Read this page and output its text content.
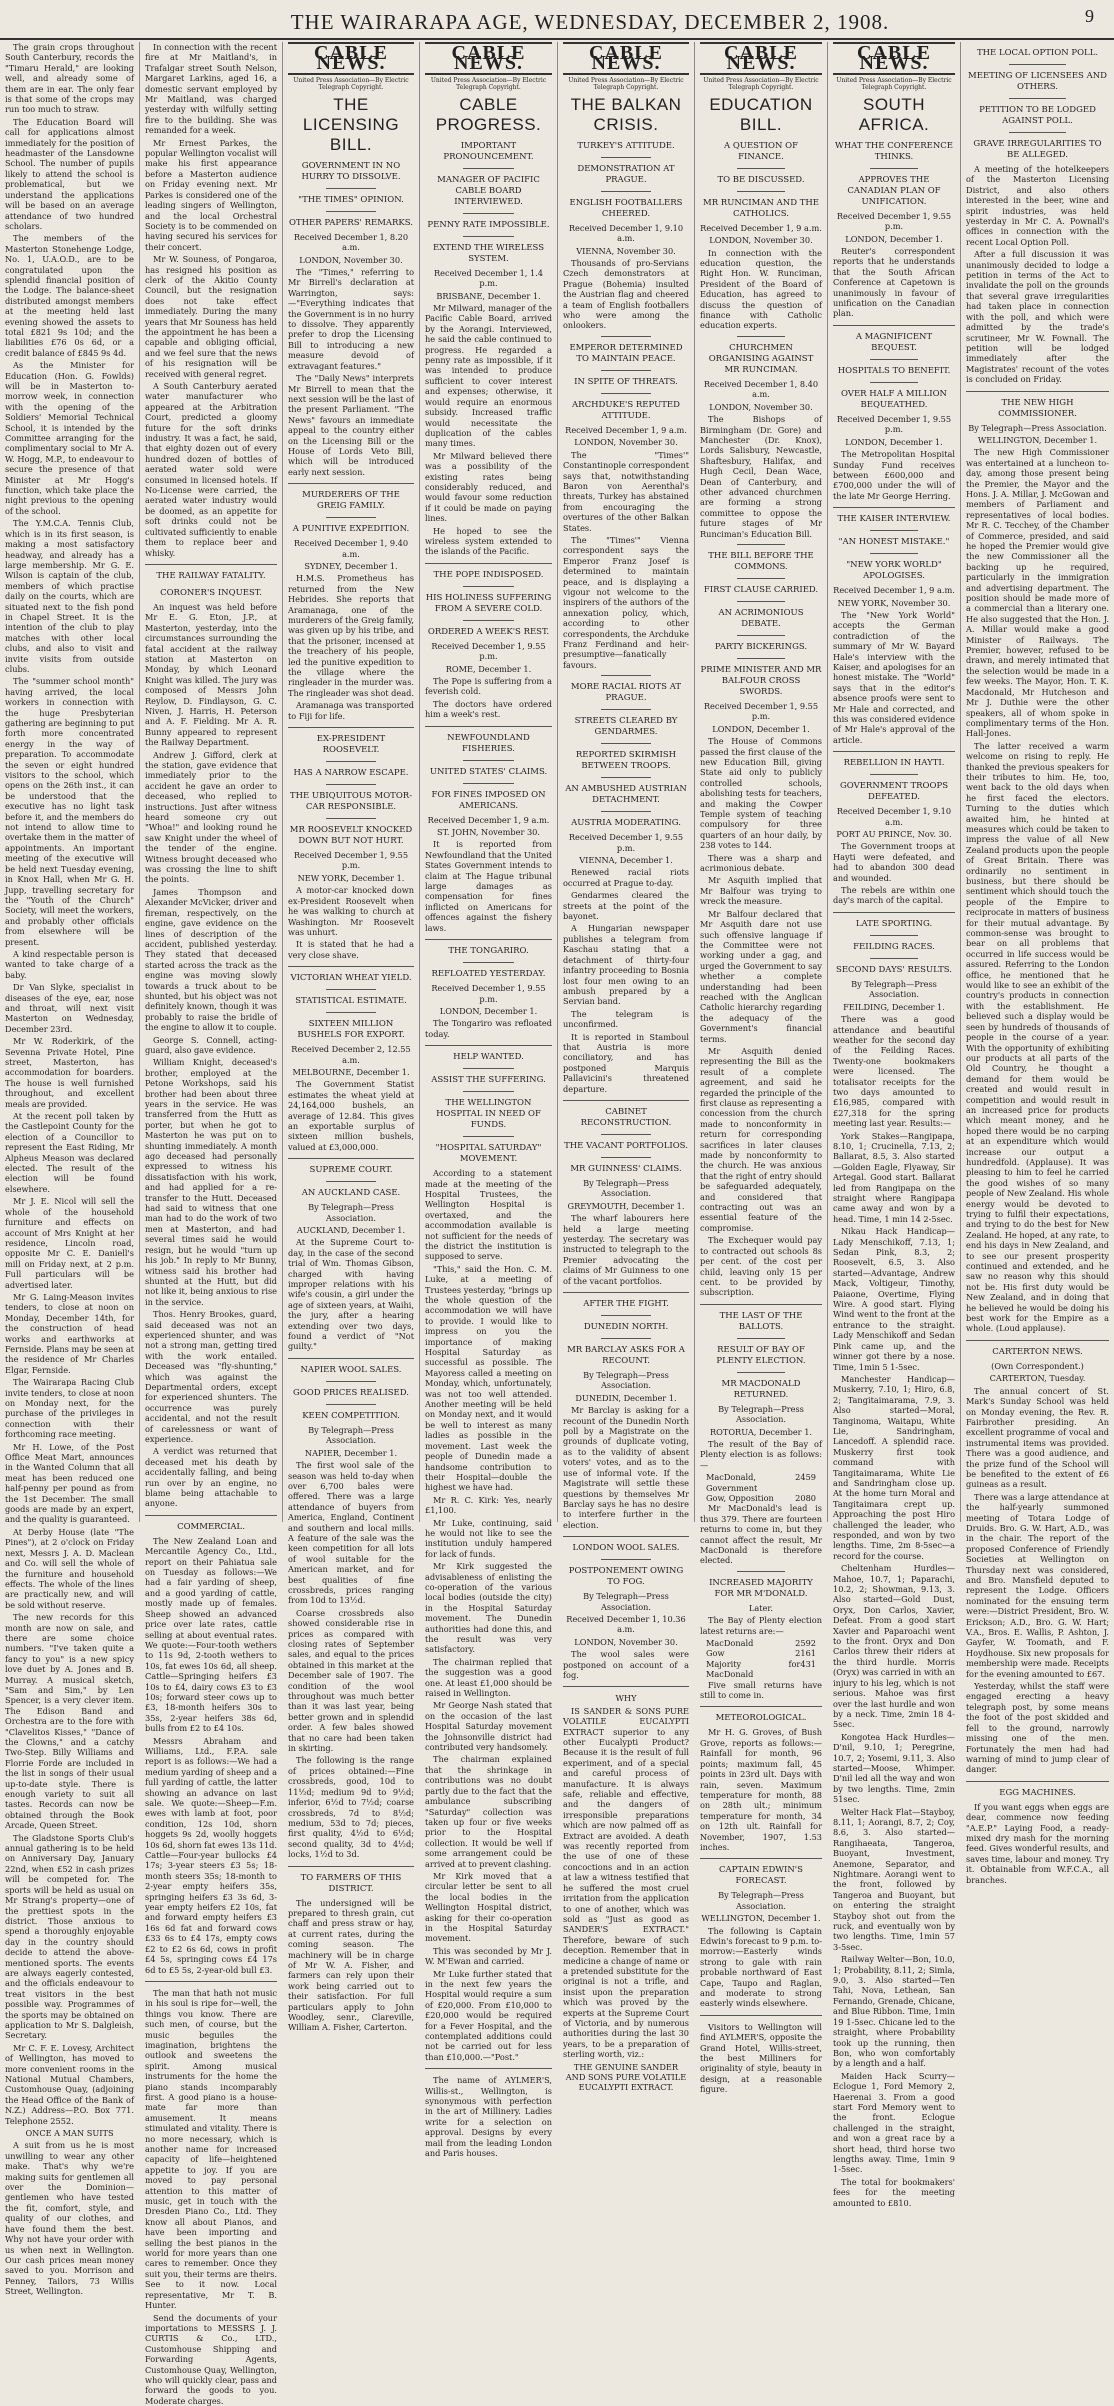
THE WAIRARAPA AGE, WEDNESDAY, DECEMBER 2, 1908.	9

The grain crops throughout South Canterbury, records the "Timaru Herald," are looking well, and already some of them are in ear. The only fear is that some of the crops may run too much to straw.

The Education Board will call for applications almost immediately for the position of headmaster of the Lansdowne School. The number of pupils likely to attend the school is problematical, but we understand the applications will be based on an average attendance of two hundred scholars.

The members of the Masterton Stonehenge Lodge, No. 1, U.A.O.D., are to be congratulated upon the splendid financial position of the Lodge. The balance-sheet distributed amongst members at the meeting held last evening showed the assets to total £821 9s 10d; and the liabilities £76 0s 6d, or a credit balance of £845 9s 4d.

As the Minister for Education (Hon. G. Fowlds) will be in Masterton to-morrow week, in connection with the opening of the Soldiers' Memorial Technical School, it is intended by the Committee arranging for the complimentary social to Mr A. W. Hogg, M.P., to endeavour to secure the presence of that Minister at Mr Hogg's function, which take place the night previous to the opening of the school.

The Y.M.C.A. Tennis Club, which is in its first season, is making a most satisfactory headway, and already has a large membership. Mr G. E. Wilson is captain of the club, members of which practise daily on the courts, which are situated next to the fish pond in Chapel Street. It is the intention of the club to play matches with other local clubs, and also to visit and invite visits from outside clubs.

The "summer school month" having arrived, the local workers in connection with the huge Presbyterian gathering are beginning to put forth more concentrated energy in the way of preparation. To accommodate the seven or eight hundred visitors to the school, which opens on the 26th inst., it can be understood that the executive has no light task before it, and the members do not intend to allow time to overtake them in the matter of appointments. An important meeting of the executive will be held next Tuesday evening, in Knox Hall, when Mr G. H. Jupp, travelling secretary for the "Youth of the Church" Society, will meet the workers, and probably other officials from elsewhere will be present.

A kind respectable person is wanted to take charge of a baby.

Dr Van Slyke, specialist in diseases of the eye, ear, nose and throat, will next visit Masterton on Wednesday, December 23rd.

Mr W. Roderkirk, of the Sevenna Private Hotel, Pine street, Masterton, has accommodation for boarders. The house is well furnished throughout, and excellent meals are provided.

At the recent poll taken by the Castlepoint County for the election of a Councillor to represent the East Riding, Mr Alpheus Meason was declared elected. The result of the election will be found elsewhere.

Mr J. E. Nicol will sell the whole of the household furniture and effects on account of Mrs Knight at her residence, Lincoln road, opposite Mr C. E. Daniell's mill on Friday next, at 2 p.m. Full particulars will be advertised later.

Mr G. Laing-Meason invites tenders, to close at noon on Monday, December 14th, for the construction of head works and earthworks at Fernside. Plans may be seen at the residence of Mr Charles Elgar, Fernside.

The Wairarapa Racing Club invite tenders, to close at noon on Monday next, for the purchase of the privileges in connection with their forthcoming race meeting.

Mr H. Lowe, of the Post Office Meat Mart, announces in the Wanted Column that all meat has been reduced one half-penny per pound as from the 1st December. The small goods are made by an expert, and the quality is guaranteed.

At Derby House (late "The Pines"), at 2 o'clock on Friday next, Messrs J. A. D. Maclean and Co. will sell the whole of the furniture and household effects. The whole of the lines are practically new, and will be sold without reserve.

The new records for this month are now on sale, and there are some choice numbers. "I've taken quite a fancy to you" is a new spicy love duet by A. Jones and B. Murray. A musical sketch, "Sam and Sim," by Len Spencer, is a very clever item. The Edison Band and Orchestra are to the fore with "Clavelitos Kisses," "Dance of the Clowns," and a catchy Two-Step. Billy Williams and Florrie Forde are included in the list in songs of their usual up-to-date style. There is enough variety to suit all tastes. Records can now be obtained through the Book Arcade, Queen Street.

The Gladstone Sports Club's annual gathering is to be held on Anniversary Day, January 22nd, when £52 in cash prizes will be competed for. The sports will be held as usual on Mr Strang's property—one of the prettiest spots in the district. Those anxious to spend a thoroughly enjoyable day in the country should decide to attend the above-mentioned sports. The events are always eagerly contested, and the officials endeavour to treat visitors in the best possible way. Programmes of the sports may be obtained on application to Mr S. Dalgleish, Secretary.

Mr C. F. E. Lovesy, Architect of Wellington, has moved to more convenient rooms in the National Mutual Chambers, Customhouse Quay, (adjoining the Head Office of the Bank of N.Z.) Address—P.O. Box 771. Telephone 2552.

ONCE A MAN SUITS

A suit from us he is most unwilling to wear any other make. That's why we're making suits for gentlemen all over the Dominion—gentlemen who have tested the fit, comfort, style, and quality of our clothes, and have found them the best. Why not have your order with us when next in Wellington. Our cash prices mean money saved to you. Morrison and Penney, Tailors, 73 Willis Street, Wellington.

In connection with the recent fire at Mr Maitland's, in Trafalgar street South Nelson, Margaret Larkins, aged 16, a domestic servant employed by Mr Maitland, was charged yesterday with wilfully setting fire to the building. She was remanded for a week.

Mr Ernest Parkes, the popular Wellington vocalist will make his first appearance before a Masterton audience on Friday evening next. Mr Parkes is considered one of the leading singers of Wellington, and the local Orchestral Society is to be commended on having secured his services for their concert.

Mr W. Souness, of Pongaroa, has resigned his position as clerk of the Akitio County Council, but the resignation does not take effect immediately. During the many years that Mr Souness has held the appointment he has been a capable and obliging official, and we feel sure that the news of his resignation will be received with general regret.

A South Canterbury aerated water manufacturer who appeared at the Arbitration Court, predicted a gloomy future for the soft drinks industry. It was a fact, he said, that eighty dozen out of every hundred dozen of bottles of aerated water sold were consumed in licensed hotels. If No-License were carried, the aerated water industry would be doomed, as an appetite for soft drinks could not be cultivated sufficiently to enable them to replace beer and whisky.

THE RAILWAY FATALITY.
CORONER'S INQUEST.

An inquest was held before Mr E. G. Eton, J.P., at Masterton, yesterday, into the circumstances surrounding the fatal accident at the railway station at Masterton on Monday, by which Leonard Knight was killed. The jury was composed of Messrs John Reylow, D. Findlayson, G. C. Niven, J. Harris, H. Peterson and A. F. Fielding. Mr A. R. Bunny appeared to represent the Railway Department.

Andrew J. Gifford, clerk at the station, gave evidence that immediately prior to the accident he gave an order to deceased, who replied to instructions. Just after witness heard someone cry out "Whoa!" and looking round he saw Knight under the wheel of the tender of the engine. Witness brought deceased who was crossing the line to shift the points.

James Thompson and Alexander McVicker, driver and fireman, respectively, on the engine, gave evidence on the lines of description of the accident, published yesterday. They stated that deceased started across the track as the engine was moving slowly towards a truck about to be shunted, but his object was not definitely known, though it was probably to raise the bridle of the engine to allow it to couple.

George S. Connell, acting-guard, also gave evidence.

William Knight, deceased's brother, employed at the Petone Workshops, said his brother had been about three years in the service. He was transferred from the Hutt as porter, but when he got to Masterton he was put on to shunting immediately. A month ago deceased had personally expressed to witness his dissatisfaction with his work, and had applied for a re-transfer to the Hutt. Deceased had said to witness that one man had to do the work of two men at Masterton, and had several times said he would resign, but he would "turn up his job." In reply to Mr Bunny, witness said his brother had shunted at the Hutt, but did not like it, being anxious to rise in the service.

Thos. Henry Brookes, guard, said deceased was not an experienced shunter, and was not a strong man, getting tired with the work entailed. Deceased was "fly-shunting," which was against the Departmental orders, except for experienced shunters. The occurrence was purely accidental, and not the result of carelessness or want of experience.

A verdict was returned that deceased met his death by accidentally falling, and being run over by an engine, no blame being attachable to anyone.

COMMERCIAL.

The New Zealand Loan and Mercantile Agency Co., Ltd., report on their Pahiatua sale on Tuesday as follows:—We had a fair yarding of sheep, and a good yarding of cattle, mostly made up of females. Sheep showed an advanced price over late rates, cattle selling at about eventual rates. We quote:—Four-tooth wethers to 11s 9d, 2-tooth wethers to 10s, fat ewes 10s 6d, all sheep. Cattle—Springing heifers £3 10s to £4, dairy cows £3 to £3 10s; forward steer cows up to £3, 18-month heifers 30s to 35s, 2-year heifers 38s 6d, bulls from £2 to £4 10s.

Messrs Abraham and Williams, Ltd., F.P.A. sale report is as follows:—We had a medium yarding of sheep and a full yarding of cattle, the latter showing an advance on last sale. We quote:—Sheep—F.m. ewes with lamb at foot, poor condition, 12s 10d, shorn hoggets 9s 2d, woolly hoggets 10s 6d, shorn fat ewes 13s 11d. Cattle—Four-year bullocks £4 17s; 3-year steers £3 5s; 18-month steers 35s; 18-month to 2-year empty heifers 35s, springing heifers £3 3s 6d, 3-year empty heifers £2 10s, fat and forward empty heifers £3 16s 6d fat and forward cows £33 6s to £4 17s, empty cows £2 to £2 6s 6d, cows in profit £4 5s, springing cows £4 17s 6d to £5 5s, 2-year-old bull £3.

The man that hath not music in his soul is ripe for—well, the things vou know. There are such men, of course, but the music beguiles the imagination, brightens the outlook and sweetens the spirit. Among musical instruments for the home the piano stands incomparably first. A good piano is a house-mate far more than amusement. It means stimulated and vitality. There is no more necessary, which is another name for increased capacity of life—heightened appetite to joy. If you are moved to pay personal attention to this matter of music, get in touch with the Dresden Piano Co., Ltd. They know all about Pianos, and have been importing and selling the best pianos in the world for more years than one cares to remember. Once they suit you, their terms are theirs. See to it now. Local representative, Mr T. B. Hunter.

Send the documents of your importations to MESSRS J. J. CURTIS & Co., LTD., Customhouse Shipping and Forwarding Agents, Customhouse Quay, Wellington, who will quickly clear, pass and forward the goods to you. Moderate charges.

CABLE NEWS.
United Press Association—By Electric Telegraph Copyright.
THE LICENSING BILL.
GOVERNMENT IN NO HURRY TO DISSOLVE.
"THE TIMES" OPINION.
OTHER PAPERS' REMARKS.

Received December 1, 8.20 a.m.

LONDON, November 30.

The "Times," referring to Mr Birrell's declaration at Warrington, says:—"Everything indicates that the Government is in no hurry to dissolve. They apparently prefer to drop the Licensing Bill to introducing a new measure devoid of extravagant features."

The "Daily News" interprets Mr Birrell to mean that the next session will be the last of the present Parliament. "The News" favours an immediate appeal to the country either on the Licensing Bill or the House of Lords Veto Bill, which will be introduced early next session.

MURDERERS OF THE GREIG FAMILY.
A PUNITIVE EXPEDITION.

Received December 1, 9.40 a.m.

SYDNEY, December 1.

H.M.S. Prometheus has returned from the New Hebrides. She reports that Aramanaga, one of the murderers of the Greig family, was given up by his tribe, and that the prisoner, incensed at the treachery of his people, led the punitive expedition to the village where the ringleader in the murder was. The ringleader was shot dead.

Aramanaga was transported to Fiji for life.

EX-PRESIDENT ROOSEVELT.
HAS A NARROW ESCAPE.
THE UBIQUITOUS MOTOR-CAR RESPONSIBLE.
MR ROOSEVELT KNOCKED DOWN BUT NOT HURT.

Received December 1, 9.55 p.m.

NEW YORK, December 1.

A motor-car knocked down ex-President Roosevelt when he was walking to church at Washington. Mr Roosevelt was unhurt.

It is stated that he had a very close shave.

VICTORIAN WHEAT YIELD.
STATISTICAL ESTIMATE.
SIXTEEN MILLION BUSHELS FOR EXPORT.

Received December 2, 12.55 a.m.

MELBOURNE, December 1.

The Government Statist estimates the wheat yield at 24,164,000 bushels, an average of 12.84. This gives an exportable surplus of sixteen million bushels, valued at £3,000,000.

SUPREME COURT.
AN AUCKLAND CASE.

By Telegraph—Press Association.

AUCKLAND, December 1.

At the Supreme Court to-day, in the case of the second trial of Wm. Thomas Gibson, charged with having improper relations with his wife's cousin, a girl under the age of sixteen years, at Waihi, the jury, after a hearing extending over two days, found a verdict of "Not guilty."

NAPIER WOOL SALES.
GOOD PRICES REALISED.
KEEN COMPETITION.

By Telegraph—Press Association.

NAPIER, December 1.

The first wool sale of the season was held to-day when over 6,700 bales were offered. There was a large attendance of buyers from America, England, Continent and southern and local mills. A feature of the sale was the keen competition for all lots of wool suitable for the American market, and for best qualities of fine crossbreds, prices ranging from 10d to 13½d.

Coarse crossbreds also showed considerable rise in prices as compared with closing rates of September sales, and equal to the prices obtained in this market at the December sale of 1907. The condition of the wool throughout was much better than it was last year, being better grown and in splendid order. A few bales showed that no care had been taken in skirting.

The following is the range of prices obtained:—Fine crossbreds, good, 10d to 11½d; medium 9d to 9½d; inferior, 6½d to 7½d; coarse crossbreds, 7d to 8½d; medium, 53d to 7d; pieces, first quality, 4½d to 6½d; second quality, 3d to 4½d; locks, 1½d to 3d.

TO FARMERS OF THIS DISTRICT.

The undersigned will be prepared to thresh grain, cut chaff and press straw or hay, at current rates, during the coming season. The machinery will be in charge of Mr W. A. Fisher, and farmers can rely upon their work being carried out to their satisfaction. For full particulars apply to John Woodley, senr., Clareville, William A. Fisher, Carterton.

CABLE NEWS.
United Press Association—By Electric Telegraph Copyright.
CABLE PROGRESS.
IMPORTANT PRONOUNCEMENT.
MANAGER OF PACIFIC CABLE BOARD INTERVIEWED.
PENNY RATE IMPOSSIBLE.
EXTEND THE WIRELESS SYSTEM.

Received December 1, 1.4 p.m.

BRISBANE, December 1.

Mr Milward, manager of the Pacific Cable Board, arrived by the Aorangi. Interviewed, he said the cable continued to progress. He regarded a penny rate as impossible, if it was intended to produce sufficient to cover interest and expenses; otherwise, it would require an enormous subsidy. Increased traffic would necessitate the duplication of the cables many times.

Mr Milward believed there was a possibility of the existing rates being considerably reduced, and would favour some reduction if it could be made on paying lines.

He hoped to see the wireless system extended to the islands of the Pacific.

THE POPE INDISPOSED.
HIS HOLINESS SUFFERING FROM A SEVERE COLD.
ORDERED A WEEK'S REST.

Received December 1, 9.55 p.m.

ROME, December 1.

The Pope is suffering from a feverish cold.

The doctors have ordered him a week's rest.

NEWFOUNDLAND FISHERIES.
UNITED STATES' CLAIMS.
FOR FINES IMPOSED ON AMERICANS.

Received December 1, 9 a.m.

ST. JOHN, November 30.

It is reported from Newfoundland that the United States Government intends to claim at The Hague tribunal large damages as compensation for fines inflicted on Americans for offences against the fishery laws.

THE TONGARIRO.
REFLOATED YESTERDAY.

Received December 1, 9.55 p.m.

LONDON, December 1.

The Tongariro was refloated today.

HELP WANTED.
ASSIST THE SUFFERING.
THE WELLINGTON HOSPITAL IN NEED OF FUNDS.
"HOSPITAL SATURDAY" MOVEMENT.

According to a statement made at the meeting of the Hospital Trustees, the Wellington Hospital is overtaxed, and the accommodation available is not sufficient for the needs of the district the institution is supposed to serve.

"This," said the Hon. C. M. Luke, at a meeting of Trustees yesterday, "brings up the whole question of the accommodation we will have to provide. I would like to impress on you the importance of making Hospital Saturday as successful as possible. The Mayoress called a meeting on Monday, which, unfortunately, was not too well attended. Another meeting will be held on Monday next, and it would be well to interest as many ladies as possible in the movement. Last week the people of Dunedin made a handsome contribution to their Hospital—double the highest we have had.

Mr R. C. Kirk: Yes, nearly £1,100.

Mr Luke, continuing, said he would not like to see the institution unduly hampered for lack of funds.

Mr Kirk suggested the advisableness of enlisting the co-operation of the various local bodies (outside the city) in the Hospital Saturday movement. The Dunedin authorities had done this, and the result was very satisfactory.

The chairman replied that the suggestion was a good one. At least £1,000 should be raised in Wellington.

Mr George Nash stated that on the occasion of the last Hospital Saturday movement the Johnsonville district had contributed very handsomely.

The chairman explained that the shrinkage in contributions was no doubt partly due to the fact that the ambulance subscribing "Saturday" collection was taken up four or five weeks prior to the Hospital collection. It would be well if some arrangement could be arrived at to prevent clashing.

Mr Kirk moved that a circular letter be sent to all the local bodies in the Wellington Hospital district, asking for their co-operation in the Hospital Saturday movement.

This was seconded by Mr J. W. M'Ewan and carried.

Mr Luke further stated that in the next few years the Hospital would require a sum of £20,000. From £10,000 to £20,000 would be required for a Fever Hospital, and the contemplated additions could not be carried out for less than £10,000.—"Post."

The name of AYLMER'S, Willis-st., Wellington, is synonymous with perfection in the art of Millinery. Ladies write for a selection on approval. Designs by every mail from the leading London and Paris houses.

CABLE NEWS.
United Press Association—By Electric Telegraph Copyright.
THE BALKAN CRISIS.
TURKEY'S ATTITUDE.
DEMONSTRATION AT PRAGUE.
ENGLISH FOOTBALLERS CHEERED.

Received December 1, 9.10 a.m.

VIENNA, November 30.

Thousands of pro-Servians Czech demonstrators at Prague (Bohemia) insulted the Austrian flag and cheered a team of English footballers who were among the onlookers.

EMPEROR DETERMINED TO MAINTAIN PEACE.
IN SPITE OF THREATS.
ARCHDUKE'S REPUTED ATTITUDE.

Received December 1, 9 a.m.

LONDON, November 30.

The "Times'" Constantinople correspondent says that, notwithstanding Baron von Aerenthal's threats, Turkey has abstained from encouraging the overtures of the other Balkan States.

The "Times'" Vienna correspondent says the Emperor Franz Josef is determined to maintain peace, and is displaying a vigour not welcome to the inspirers of the authors of the annexation policy, which, according to other correspondents, the Archduke Franz Ferdinand and heir-presumptive—fanatically favours.

MORE RACIAL RIOTS AT PRAGUE.
STREETS CLEARED BY GENDARMES.
REPORTED SKIRMISH BETWEEN TROOPS.
AN AMBUSHED AUSTRIAN DETACHMENT.
AUSTRIA MODERATING.

Received December 1, 9.55 p.m.

VIENNA, December 1.

Renewed racial riots occurred at Prague to-day.

Gendarmes cleared the streets at the point of the bayonet.

A Hungarian newspaper publishes a telegram from Kaschau stating that a detachment of thirty-four infantry proceeding to Bosnia lost four men owing to an ambush prepared by a Servian band.

The telegram is unconfirmed.

It is reported in Stamboul that Austria is more conciliatory, and has postponed Marquis Pallavicini's threatened departure.

CABINET RECONSTRUCTION.
THE VACANT PORTFOLIOS.
MR GUINNESS' CLAIMS.

By Telegraph—Press Association.

GREYMOUTH, December 1.

The wharf labourers here held a large meeting yesterday. The secretary was instructed to telegraph to the Premier advocating the claims of Mr Guinness to one of the vacant portfolios.

AFTER THE FIGHT.
DUNEDIN NORTH.
MR BARCLAY ASKS FOR A RECOUNT.

By Telegraph—Press Association.

DUNEDIN, December 1.

Mr Barclay is asking for a recount of the Dunedin North poll by a Magistrate on the grounds of duplicate voting, as to the validity of absent voters' votes, and as to the use of informal vote. If the Magistrate will settle these questions by themselves Mr Barclay says he has no desire to interfere further in the election.

LONDON WOOL SALES.
POSTPONEMENT OWING TO FOG.

By Telegraph—Press Association.

Received December 1, 10.36 a.m.

LONDON, November 30.

The wool sales were postponed on account of a fog.

WHY

IS SANDER & SONS PURE VOLATILE EUCALYPTI EXTRACT superior to any other Eucalypti Product? Because it is the result of full experiment, and of a special and careful process of manufacture. It is always safe, reliable and effective, and the dangers of irresponsible preparations which are now palmed off as Extract are avoided. A death was recently reported from the use of one of these concoctions and in an action at law a witness testified that he suffered the most cruel irritation from the application to one of another, which was sold as "Just as good as SANDER'S EXTRACT." Therefore, beware of such deception. Remember that in medicine a change of name or a pretended substitute for the original is not a trifle, and insist upon the preparation which was proved by the experts at the Supreme Court of Victoria, and by numerous authorities during the last 30 years, to be a preparation of sterling worth, viz.:

THE GENUINE SANDER AND SONS PURE VOLATILE EUCALYPTI EXTRACT.

CABLE NEWS.
United Press Association—By Electric Telegraph Copyright.
EDUCATION BILL.
A QUESTION OF FINANCE.
TO BE DISCUSSED.
MR RUNCIMAN AND THE CATHOLICS.

Received December 1, 9 a.m.

LONDON, November 30.

In connection with the education question, the Right Hon. W. Runciman, President of the Board of Education, has agreed to discuss the question of finance with Catholic education experts.

CHURCHMEN ORGANISING AGAINST MR RUNCIMAN.

Received December 1, 8.40 a.m.

LONDON, November 30.

The Bishops of Birmingham (Dr. Gore) and Manchester (Dr. Knox), Lords Salisbury, Newcastle, Shaftesbury, Halifax, and Hugh Cecil, Dean Wace, Dean of Canterbury, and other advanced churchmen are forming a strong committee to oppose the future stages of Mr Runciman's Education Bill.

THE BILL BEFORE THE COMMONS.
FIRST CLAUSE CARRIED.
AN ACRIMONIOUS DEBATE.
PARTY BICKERINGS.
PRIME MINISTER AND MR BALFOUR CROSS SWORDS.

Received December 1, 9.55 p.m.

LONDON, December 1.

The House of Commons passed the first clause of the new Education Bill, giving State aid only to publicly controlled schools, abolishing tests for teachers, and making the Cowper Temple system of teaching compulsory for three quarters of an hour daily, by 238 votes to 144.

There was a sharp and acrimonious debate.

Mr Asquith implied that Mr Balfour was trying to wreck the measure.

Mr Balfour declared that Mr Asquith dare not use such offensive language if the Committee were not working under a gag, and urged the Government to say whether a complete understanding had been reached with the Anglican Catholic hierarchy regarding the adequacy of the Government's financial terms.

Mr Asquith denied representing the Bill as the result of a complete agreement, and said he regarded the principle of the first clause as representing a concession from the church made to nonconformity in return for corresponding sacrifices in later clauses made by nonconformity to the church. He was anxious that the right of entry should be safeguarded adequately, and considered that contracting out was an essential feature of the compromise.

The Exchequer would pay to contracted out schools 8s per cent. of the cost per child, leaving only 15 per cent. to be provided by subscription.

THE LAST OF THE BALLOTS.
RESULT OF BAY OF PLENTY ELECTION.
MR MACDONALD RETURNED.

By Telegraph—Press Association.

ROTORUA, December 1.

The result of the Bay of Plenty election is as follows:—

MacDonald, Government
2459
Gow, Opposition	2080

Mr MacDonald's lead is thus 379. There are fourteen returns to come in, but they cannot affect the result, Mr MacDonald is therefore elected.

INCREASED MAJORITY FOR MR M'DONALD.

Later.

The Bay of Plenty election latest returns are:—

MacDonald	2592
Gow	2161
Majority for MacDonald
431

Five small returns have still to come in.

METEOROLOGICAL.

Mr H. G. Groves, of Bush Grove, reports as follows:—Rainfall for month, 96 points; maximum fall, 45 points in 23rd ult. Days with rain, seven. Maximum temperature for month, 88 on 28th ult.; minimum temperature for month, 34 on 12th ult. Rainfall for November, 1907, 1.53 inches.

CAPTAIN EDWIN'S FORECAST.

By Telegraph—Press Association.

WELLINGTON, December 1.

The following is Captain Edwin's forecast to 9 p.m. to-morrow:—Easterly winds strong to gale with rain probable northward of East Cape, Taupo and Raglan, and moderate to strong easterly winds elsewhere.

Visitors to Wellington will find AYLMER'S, opposite the Grand Hotel, Willis-street, the best Milliners for originality of style, beauty in design, at a reasonable figure.

CABLE NEWS.
United Press Association—By Electric Telegraph Copyright.
SOUTH AFRICA.
WHAT THE CONFERENCE THINKS.
APPROVES THE CANADIAN PLAN OF UNIFICATION.

Received December 1, 9.55 p.m.

LONDON, December 1.

Reuter's correspondent reports that he understands that the South African Conference at Capetown is unanimously in favour of unification on the Canadian plan.

A MAGNIFICENT BEQUEST.
HOSPITALS TO BENEFIT.
OVER HALF A MILLION BEQUEATHED.

Received December 1, 9.55 p.m.

LONDON, December 1.

The Metropolitan Hospital Sunday Fund receives between £600,000 and £700,000 under the will of the late Mr George Herring.

THE KAISER INTERVIEW.
"AN HONEST MISTAKE."
"NEW YORK WORLD" APOLOGISES.

Received December 1, 9 a.m.

NEW YORK, November 30.

The "New York World" accepts the German contradiction of the summary of Mr W. Bayard Hale's interview with the Kaiser, and apologises for an honest mistake. The "World" says that in the editor's absence proofs were sent to Mr Hale and corrected, and this was considered evidence of Mr Hale's approval of the article.

REBELLION IN HAYTI.
GOVERNMENT TROOPS DEFEATED.

Received December 1, 9.10 a.m.

PORT AU PRINCE, Nov. 30.

The Government troops at Hayti were defeated, and had to abandon 300 dead and wounded.

The rebels are within one day's march of the capital.

LATE SPORTING.
FEILDING RACES.
SECOND DAYS' RESULTS.

By Telegraph—Press Association.

FEILDING, December 1.

There was a good attendance and beautiful weather for the second day of the Feilding Races. Twenty-one bookmakers were licensed. The totalisator receipts for the two days amounted to £16,985, compared with £27,318 for the spring meeting last year. Results:—

York Stakes—Rangipapa, 8.10, 1; Crucinella, 7.13, 2; Ballarat, 8.5, 3. Also started—Golden Eagle, Flyaway, Sir Artegal. Good start. Ballarat led from Rangipapa on the straight where Rangipapa came away and won by a head. Time, 1 min 14 2-5sec.

Nikau Hack Handicap—Lady Menschikoff, 7.13, 1; Sedan Pink, 8.3, 2; Roosevelt, 6.5, 3. Also started—Advantage, Andrew Mack, Voltigeur, Timothy, Paiaone, Overtime, Flying Wire. A good start. Flying Wind went to the front at the entrance to the straight. Lady Menschikoff and Sedan Pink came up, and the winner got there by a nose. Time, 1min 5 1-5sec.

Manchester Handicap—Muskerry, 7.10, 1; Hiro, 6.8, 2; Tangitaimarama, 7.9, 3. Also started—Moral, Tanginoma, Waitapu, White Lie, Sandringham, Lancedoff. A splendid race. Muskerry first took command with Tangitaimarama, White Lie and Sandringham close up. At the home turn Moral and Tangitaimara crept up. Approaching the post Hiro challenged the leader, who responded, and won by two lengths. Time, 2m 8-5sec—a record for the course.

Cheltenham Hurdles—Mahoe, 10.7, 1; Paparachi, 10.2, 2; Showman, 9.13, 3. Also started—Gold Dust, Oryx, Don Carlos, Xavier, Defeat. From a good start Xavier and Paparoachi went to the front. Oryx and Don Carlos threw their riders at the third hurdle. Morris (Oryx) was carried in with an injury to his leg, which is not serious. Mahoe was first over the last hurdle and won by a neck. Time, 2min 18 4-5sec.

Kongotea Hack Hurdles—D'nil, 9.10, 1; Peregrine, 10.7, 2; Yosemi, 9.11, 3. Also started—Moose, Whimper. D'nil led all the way and won by two lengths. Time, 2min 51sec.

Welter Hack Flat—Stayboy, 8.11, 1; Aorangi, 8.7, 2; Coy, 8.6, 3. Also started—Rangihaeata, Tangeroa, Buoyant, Investment, Anemone, Separator, and Nightmare. Aorangi went to the front, followed by Tangeroa and Buoyant, but on entering the straight Stayboy shot out from the ruck, and eventually won by two lengths. Time, 1min 57 3-5sec.

Railway Welter—Bon, 10.0, 1; Probability, 8.11, 2; Simla, 9.0, 3. Also started—Ten Tahi, Nova, Lethean, San Fernando, Grenade, Chicane, and Blue Ribbon. Time, 1min 19 1-5sec. Chicane led to the straight, where Probability took up the running, then Bon, who won comfortably by a length and a half.

Maiden Hack Scurry—Eclogue 1, Ford Memory 2, Haerenai 3. From a good start Ford Memory went to the front. Eclogue challenged in the straight, and won a great race by a short head, third horse two lengths away. Time, 1min 9 1-5sec.

The total for bookmakers' fees for the meeting amounted to £810.

THE LOCAL OPTION POLL.
MEETING OF LICENSEES AND OTHERS.
PETITION TO BE LODGED AGAINST POLL.
GRAVE IRREGULARITIES TO BE ALLEGED.

A meeting of the hotelkeepers of the Masterton Licensing District, and also others interested in the beer, wine and spirit industries, was held yesterday in Mr C. A. Pownall's offices in connection with the recent Local Option Poll.

After a full discussion it was unanimously decided to lodge a petition in terms of the Act to invalidate the poll on the grounds that several grave irregularities had taken place in connection with the poll, and which were admitted by the trade's scrutineer, Mr W. Fownall. The petition will be lodged immediately after the Magistrates' recount of the votes is concluded on Friday.

THE NEW HIGH COMMISSIONER.

By Telegraph—Press Association.

WELLINGTON, December 1.

The new High Commissioner was entertained at a luncheon to-day, among those present being the Premier, the Mayor and the Hons. J. A. Millar, J. McGowan and members of Parliament and representatives of local bodies. Mr R. C. Tecchey, of the Chamber of Commerce, presided, and said he hoped the Premier would give the new Commissioner all the backing up he required, particularly in the immigration and advertising department. The position should be made more of a commercial than a literary one. He also suggested that the Hon. J. A. Millar would make a good Minister of Railways. The Premier, however, refused to be drawn, and merely intimated that the selection would be made in a few weeks. The Mayor, Hon. T. K. Macdonald, Mr Hutcheson and Mr J. Duthie were the other speakers, all of whom spoke in complimentary terms of the Hon. Hall-Jones.

The latter received a warm welcome on rising to reply. He thanked the previous speakers for their tributes to him. He, too, went back to the old days when he first faced the electors. Turning to the duties which awaited him, he hinted at measures which could be taken to impress the value of all New Zealand products upon the people of Great Britain. There was ordinarily no sentiment in business, but there should be sentiment which should touch the people of the Empire to reciprocate in matters of business for their mutual advantage. By common-sense was brought to bear on all problems that occurred in life success would be assured. Referring to the London office, he mentioned that he would like to see an exhibit of the country's products in connection with the establishment. He believed such a display would be seen by hundreds of thousands of people in the course of a year. With the opportunity of exhibiting our products at all parts of the Old Country, he thought a demand for them would be created and would result in competition and would result in an increased price for products which meant money, and he hoped there would be no carping at an expenditure which would increase our output a hundredfold. (Applause). It was pleasing to him to feel he carried the good wishes of so many people of New Zealand. His whole energy would be devoted to trying to fulfil their expectations, and trying to do the best for New Zealand. He hoped, at any rate, to end his days in New Zealand, and to see our present prosperity continued and extended, and he saw no reason why this should not be. His first duty would be New Zealand, and in doing that he believed he would be doing his best work for the Empire as a whole. (Loud applause).

CARTERTON NEWS.

(Own Correspondent.)

CARTERTON, Tuesday.

The annual concert of St. Mark's Sunday School was held on Monday evening, the Rev. R. Fairbrother presiding. An excellent programme of vocal and instrumental items was provided. There was a good audience, and the prize fund of the School will be benefited to the extent of £6 guineas as a result.

There was a large attendance at the half-yearly summoned meeting of Totara Lodge of Druids. Bro. G. W. Hart, A.D., was in the chair. The report of the proposed Conference of Friendly Societies at Wellington on Thursday next was considered, and Bro. Mansfield deputed to represent the Lodge. Officers nominated for the ensuing term were:—District President, Bro. W. Erickson; A.D., Bro. G. W. Hart; V.A., Bros. E. Wallis, P. Ashton, J. Gayfer, W. Toomath, and F. Hoydhouse. Six new proposals for membership were made. Receipts for the evening amounted to £67.

Yesterday, whilst the staff were engaged erecting a heavy telegraph post, by some means the foot of the post skidded and fell to the ground, narrowly missing one of the men. Fortunately the men had had warning of mind to jump clear of danger.

EGG MACHINES.

If you want eggs when eggs are dear, commence now feeding "A.E.P." Laying Food, a ready-mixed dry mash for the morning feed. Gives wonderful results, and saves time, labour and money. Try it. Obtainable from W.F.C.A., all branches.
